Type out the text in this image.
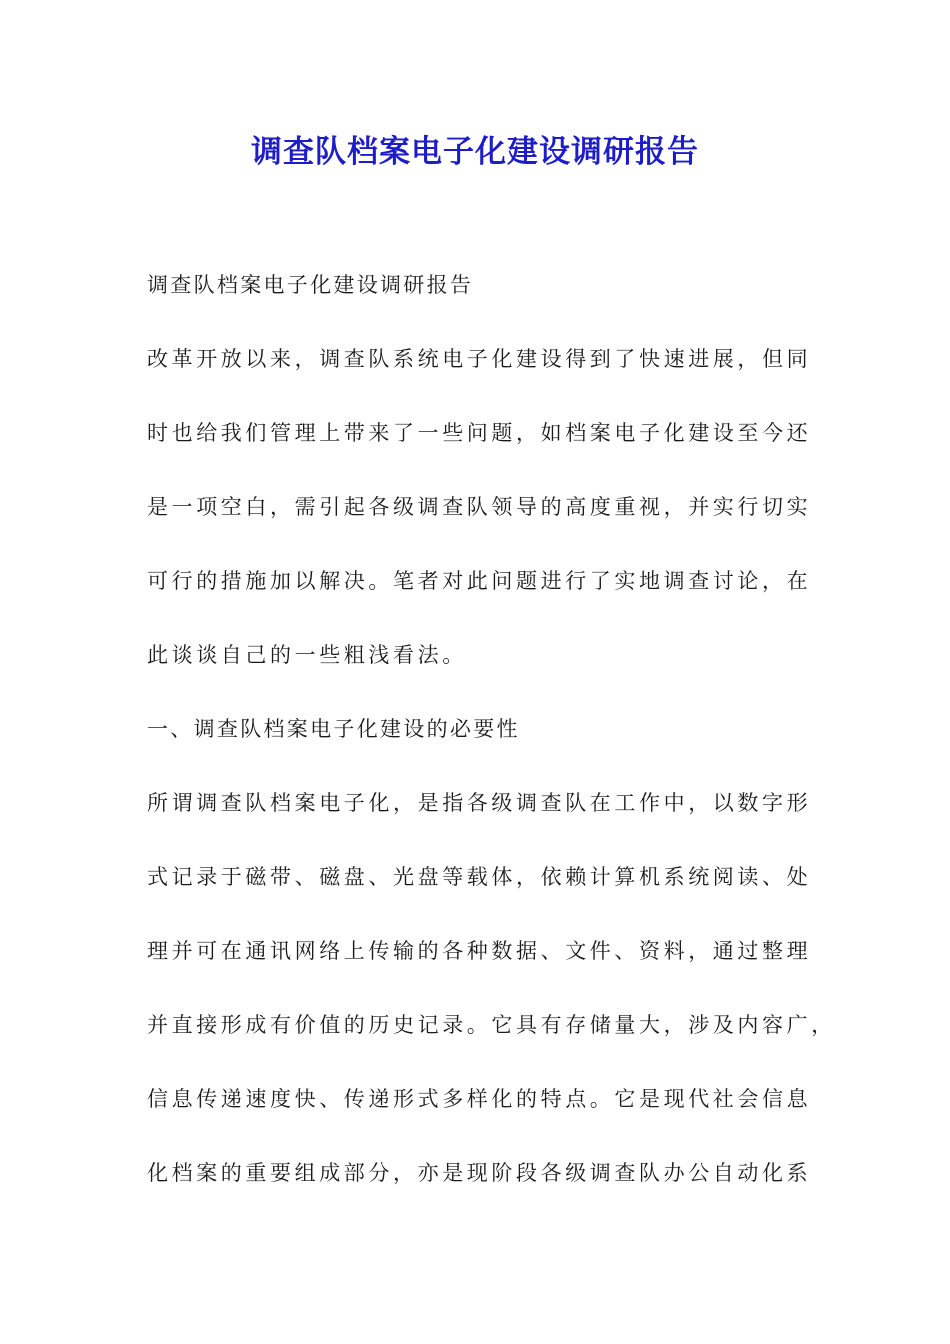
调查队档案电子化建设调研报告
调查队档案电子化建设调研报告
改革开放以来，调查队系统电子化建设得到了快速进展，但同
时也给我们管理上带来了一些问题，如档案电子化建设至今还
是一项空白，需引起各级调查队领导的高度重视，并实行切实
可行的措施加以解决。笔者对此问题进行了实地调查讨论，在
此谈谈自己的一些粗浅看法。
一、调查队档案电子化建设的必要性
所谓调查队档案电子化，是指各级调查队在工作中，以数字形
式记录于磁带、磁盘、光盘等载体，依赖计算机系统阅读、处
理并可在通讯网络上传输的各种数据、文件、资料，通过整理
并直接形成有价值的历史记录。它具有存储量大，涉及内容广，
信息传递速度快、传递形式多样化的特点。它是现代社会信息
化档案的重要组成部分，亦是现阶段各级调查队办公自动化系
